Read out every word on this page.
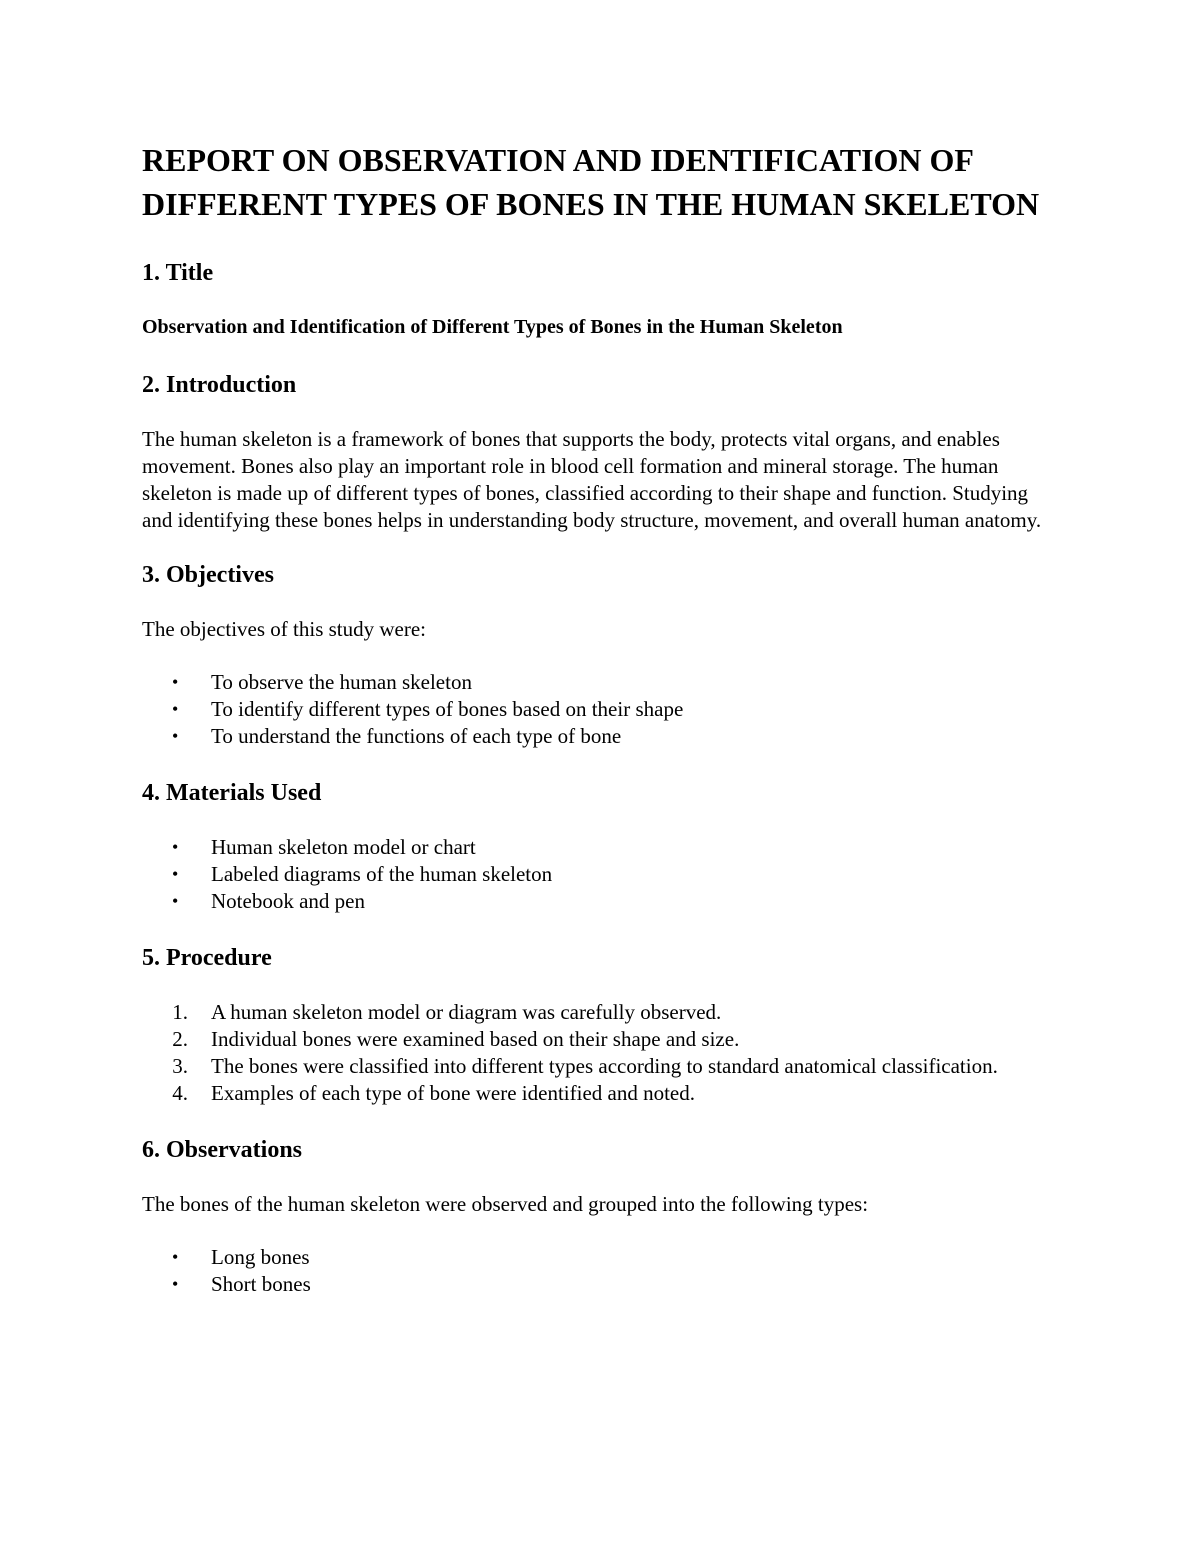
REPORT ON OBSERVATION AND IDENTIFICATION OF DIFFERENT TYPES OF BONES IN THE HUMAN SKELETON
1. Title
Observation and Identification of Different Types of Bones in the Human Skeleton
2. Introduction

The human skeleton is a framework of bones that supports the body, protects vital organs, and enables movement. Bones also play an important role in blood cell formation and mineral storage. The human skeleton is made up of different types of bones, classified according to their shape and function. Studying and identifying these bones helps in understanding body structure, movement, and overall human anatomy.

3. Objectives

The objectives of this study were:

•	To observe the human skeleton
•	To identify different types of bones based on their shape
•	To understand the functions of each type of bone
4. Materials Used
•	Human skeleton model or chart
•	Labeled diagrams of the human skeleton
•	Notebook and pen
5. Procedure
1. A human skeleton model or diagram was carefully observed.
2. Individual bones were examined based on their shape and size.
3. The bones were classified into different types according to standard anatomical classification.
4. Examples of each type of bone were identified and noted.
6. Observations

The bones of the human skeleton were observed and grouped into the following types:

•	Long bones
•	Short bones
